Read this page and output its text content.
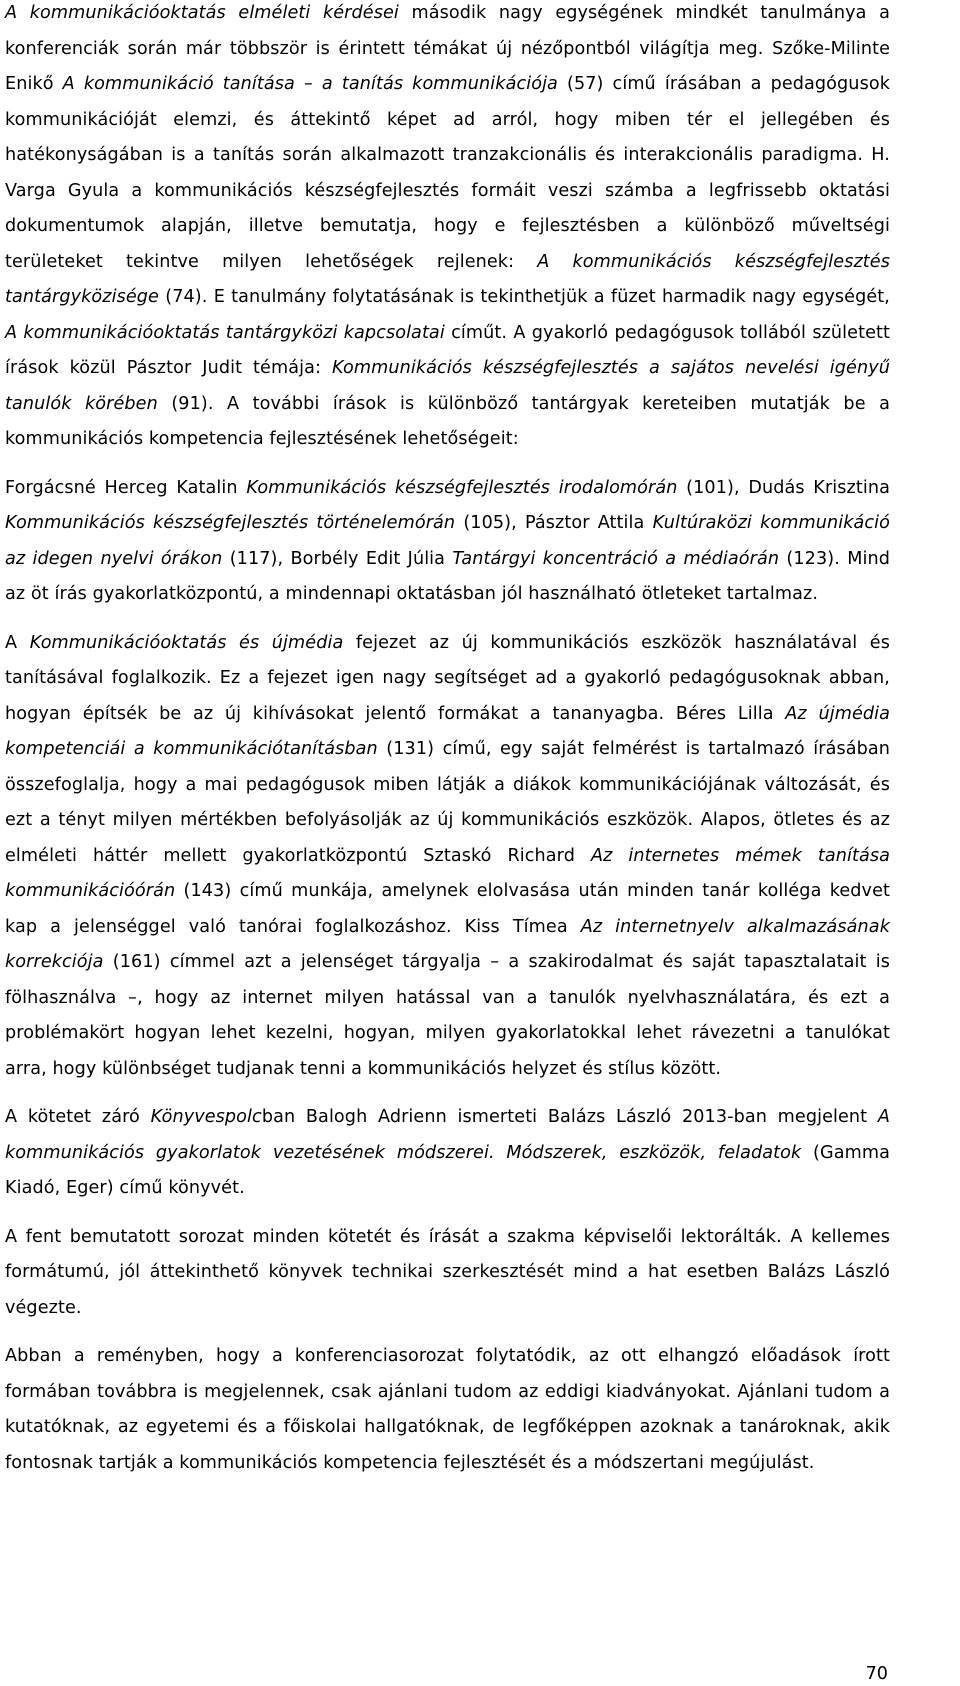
A kommunikációoktatás elméleti kérdései második nagy egységének mindkét tanulmánya a konferenciák során már többször is érintett témákat új nézőpontból világítja meg. Szőke-Milinte Enikő A kommunikáció tanítása – a tanítás kommunikációja (57) című írásában a pedagógusok kommunikációját elemzi, és áttekintő képet ad arról, hogy miben tér el jellegében és hatékonyságában is a tanítás során alkalmazott tranzakcionális és interakcionális paradigma. H. Varga Gyula a kommunikációs készségfejlesztés formáit veszi számba a legfrissebb oktatási dokumentumok alapján, illetve bemutatja, hogy e fejlesztésben a különböző műveltségi területeket tekintve milyen lehetőségek rejlenek: A kommunikációs készségfejlesztés tantárgyközisége (74). E tanulmány folytatásának is tekinthetjük a füzet harmadik nagy egységét, A kommunikációoktatás tantárgyközi kapcsolatai címűt. A gyakorló pedagógusok tollából született írások közül Pásztor Judit témája: Kommunikációs készségfejlesztés a sajátos nevelési igényű tanulók körében (91). A további írások is különböző tantárgyak kereteiben mutatják be a kommunikációs kompetencia fejlesztésének lehetőségeit:

Forgácsné Herceg Katalin Kommunikációs készségfejlesztés irodalomórán (101), Dudás Krisztina Kommunikációs készségfejlesztés történelemórán (105), Pásztor Attila Kultúraközi kommunikáció az idegen nyelvi órákon (117), Borbély Edit Júlia Tantárgyi koncentráció a médiaórán (123). Mind az öt írás gyakorlatközpontú, a mindennapi oktatásban jól használható ötleteket tartalmaz.

A Kommunikációoktatás és újmédia fejezet az új kommunikációs eszközök használatával és tanításával foglalkozik. Ez a fejezet igen nagy segítséget ad a gyakorló pedagógusoknak abban, hogyan építsék be az új kihívásokat jelentő formákat a tananyagba. Béres Lilla Az újmédia kompetenciái a kommunikációtanításban (131) című, egy saját felmérést is tartalmazó írásában összefoglalja, hogy a mai pedagógusok miben látják a diákok kommunikációjának változását, és ezt a tényt milyen mértékben befolyásolják az új kommunikációs eszközök. Alapos, ötletes és az elméleti háttér mellett gyakorlatközpontú Sztaskó Richard Az internetes mémek tanítása kommunikációórán (143) című munkája, amelynek elolvasása után minden tanár kolléga kedvet kap a jelenséggel való tanórai foglalkozáshoz. Kiss Tímea Az internetnyelv alkalmazásának korrekciója (161) címmel azt a jelenséget tárgyalja – a szakirodalmat és saját tapasztalatait is fölhasználva –, hogy az internet milyen hatással van a tanulók nyelvhasználatára, és ezt a problémakört hogyan lehet kezelni, hogyan, milyen gyakorlatokkal lehet rávezetni a tanulókat arra, hogy különbséget tudjanak tenni a kommunikációs helyzet és stílus között.

A kötetet záró Könyvespolcban Balogh Adrienn ismerteti Balázs László 2013-ban megjelent A kommunikációs gyakorlatok vezetésének módszerei. Módszerek, eszközök, feladatok (Gamma Kiadó, Eger) című könyvét.

A fent bemutatott sorozat minden kötetét és írását a szakma képviselői lektorálták. A kellemes formátumú, jól áttekinthető könyvek technikai szerkesztését mind a hat esetben Balázs László végezte.

Abban a reményben, hogy a konferenciasorozat folytatódik, az ott elhangzó előadások írott formában továbbra is megjelennek, csak ajánlani tudom az eddigi kiadványokat. Ajánlani tudom a kutatóknak, az egyetemi és a főiskolai hallgatóknak, de legfőképpen azoknak a tanároknak, akik fontosnak tartják a kommunikációs kompetencia fejlesztését és a módszertani megújulást.

70
